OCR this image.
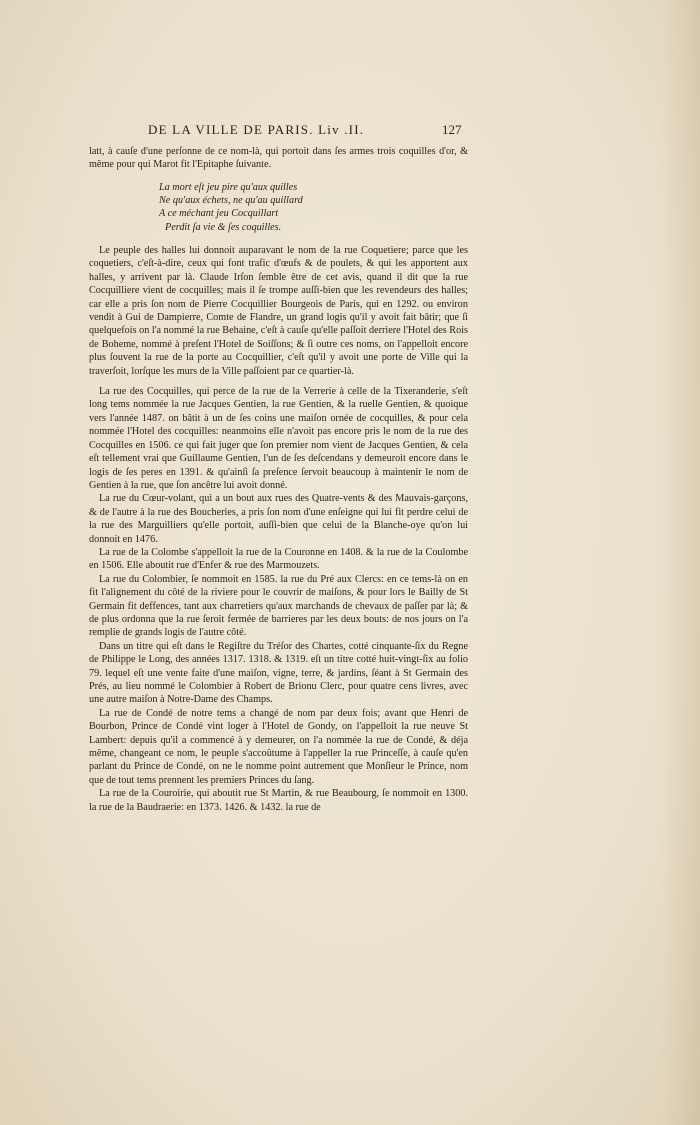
DE LA VILLE DE PARIS. Liv .II.	127

latt, à cauſe d'une perſonne de ce nom-là, qui portoit dans ſes armes trois coquilles d'or, & même pour qui Marot fit l'Epitaphe ſuivante.

La mort eſt jeu pire qu'aux quilles
Ne qu'aux échets, ne qu'au quillard
A ce méchant jeu Cocquillart
Perdit ſa vie & ſes coquilles.

Le peuple des halles lui donnoit auparavant le nom de la rue Coquetiere; parce que les coquetiers, c'eſt-à-dire, ceux qui font trafic d'œufs & de poulets, & qui les apportent aux halles, y arrivent par là. Claude Irſon ſemble être de cet avis, quand il dit que la rue Cocquilliere vient de cocquilles; mais il ſe trompe auſſi-bien que les revendeurs des halles; car elle a pris ſon nom de Pierre Cocquillier Bourgeois de Paris, qui en 1292. ou environ vendit à Gui de Dampierre, Comte de Flandre, un grand logis qu'il y avoit fait bâtir; que ſi quelquefois on l'a nommé la rue Behaine, c'eſt à cauſe qu'elle paſſoit derriere l'Hotel des Rois de Boheme, nommé à preſent l'Hotel de Soiſſons; & ſi outre ces noms, on l'appelloit encore plus ſouvent la rue de la porte au Cocquillier, c'eſt qu'il y avoit une porte de Ville qui la traverſoit, lorſque les murs de la Ville paſſoient par ce quartier-là.

La rue des Cocquilles, qui perce de la rue de la Verrerie à celle de la Tixeranderie, s'eſt long tems nommée la rue Jacques Gentien, la rue Gentien, & la ruelle Gentien, & quoique vers l'année 1487. on bâtit à un de ſes coins une maiſon ornée de cocquilles, & pour cela nommée l'Hotel des cocquilles: neanmoins elle n'avoit pas encore pris le nom de la rue des Cocquilles en 1506. ce qui fait juger que ſon premier nom vient de Jacques Gentien, & cela eſt tellement vrai que Guillaume Gentien, l'un de ſes deſcendans y demeuroit encore dans le logis de ſes peres en 1391. & qu'ainſi ſa preſence ſervoit beaucoup à maintenir le nom de Gentien à la rue, que ſon ancêtre lui avoit donné.

La rue du Cœur-volant, qui a un bout aux rues des Quatre-vents & des Mauvais-garçons, & de l'autre à la rue des Boucheries, a pris ſon nom d'une enſeigne qui lui fit perdre celui de la rue des Marguilliers qu'elle portoit, auſſi-bien que celui de la Blanche-oye qu'on lui donnoit en 1476.

La rue de la Colombe s'appelloit la rue de la Couronne en 1408. & la rue de la Coulombe en 1506. Elle aboutit rue d'Enfer & rue des Marmouzets.

La rue du Colombier, ſe nommoit en 1585. la rue du Pré aux Clercs: en ce tems-là on en fit l'alignement du côté de la riviere pour le couvrir de maiſons, & pour lors le Bailly de St Germain fit deffences, tant aux charretiers qu'aux marchands de chevaux de paſſer par là; & de plus ordonna que la rue ſeroit fermée de barrieres par les deux bouts: de nos jours on l'a remplie de grands logis de l'autre côté.

Dans un titre qui eſt dans le Regiſtre du Tréſor des Chartes, cotté cinquante-ſix du Regne de Philippe le Long, des années 1317. 1318. & 1319. eſt un titre cotté huit-vingt-ſix au folio 79. lequel eſt une vente faite d'une maiſon, vigne, terre, & jardins, ſéant à St Germain des Prés, au lieu nommé le Colombier à Robert de Brionu Clerc, pour quatre cens livres, avec une autre maiſon à Notre-Dame des Champs.

La rue de Condé de notre tems a changé de nom par deux fois; avant que Henri de Bourbon, Prince de Condé vint loger à l'Hotel de Gondy, on l'appelloit la rue neuve St Lambert: depuis qu'il a commencé à y demeurer, on l'a nommée la rue de Condé, & déja même, changeant ce nom, le peuple s'accoûtume à l'appeller la rue Princeſſe, à cauſe qu'en parlant du Prince de Condé, on ne le nomme point autrement que Monſieur le Prince, nom que de tout tems prennent les premiers Princes du ſang.

La rue de la Couroirie, qui aboutit rue St Martin, & rue Beaubourg, ſe nommoit en 1300. la rue de la Baudraerie: en 1373. 1426. & 1432. la rue de
